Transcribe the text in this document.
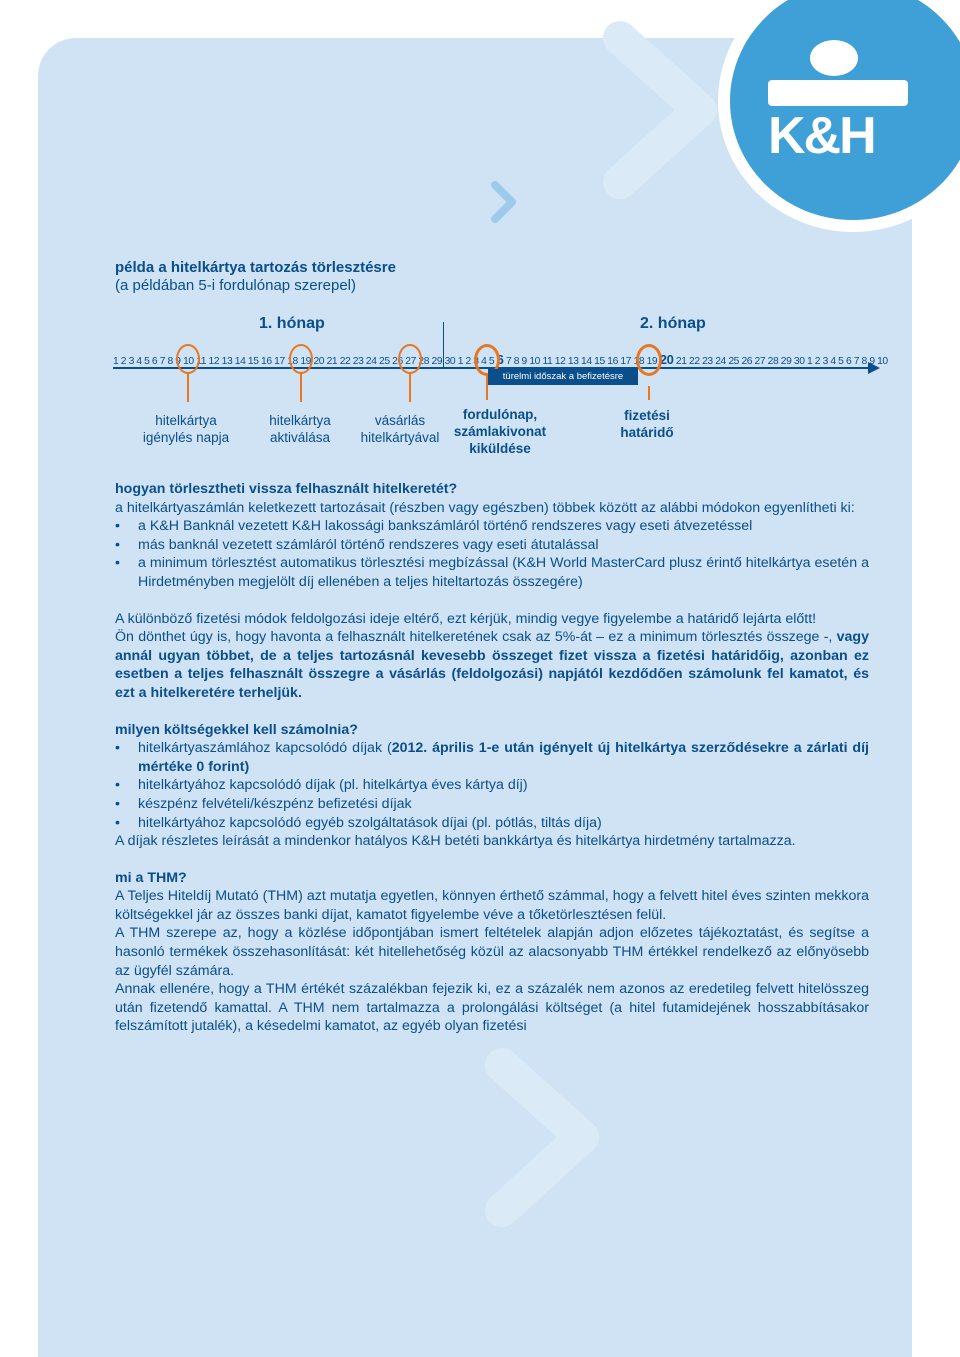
K&H
példa a hitelkártya tartozás törlesztésre
(a példában 5-i fordulónap szerepel)
1. hónap	2. hónap
1 2 3 4 5 6 7 8 9 10 11 12 13 14 15 16 17 18 19 20 21 22 23 24 25 26 27 28 29 30 1 2 3 4 5 6 7 8 9 10 11 12 13 14 15 16 17 18 19 20 21 22 23 24 25 26 27 28 29 30 1 2 3 4 5 6 7 8 9 10
türelmi időszak a befizetésre
hitelkártya
igénylés napja
hitelkártya
aktiválása
vásárlás
hitelkártyával
fordulónap,
számlakivonat
kiküldése
fizetési
határidő

hogyan törlesztheti vissza felhasznált hitelkeretét?

a hitelkártyaszámlán keletkezett tartozásait (részben vagy egészben) többek között az alábbi módokon egyenlítheti ki:

• a K&H Banknál vezetett K&H lakossági bankszámláról történő rendszeres vagy eseti átvezetéssel
• más banknál vezetett számláról történő rendszeres vagy eseti átutalással
• a minimum törlesztést automatikus törlesztési megbízással (K&H World MasterCard plusz érintő hitelkártya esetén a Hirdetményben megjelölt díj ellenében a teljes hiteltartozás összegére)

A különböző fizetési módok feldolgozási ideje eltérő, ezt kérjük, mindig vegye figyelembe a határidő lejárta előtt!

Ön dönthet úgy is, hogy havonta a felhasznált hitelkeretének csak az 5%-át – ez a minimum törlesztés összege -, vagy annál ugyan többet, de a teljes tartozásnál kevesebb összeget fizet vissza a fizetési határidőig, azonban ez esetben a teljes felhasznált összegre a vásárlás (feldolgozási) napjától kezdődően számolunk fel kamatot, és ezt a hitelkeretére terheljük.

milyen költségekkel kell számolnia?

• hitelkártyaszámlához kapcsolódó díjak (2012. április 1-e után igényelt új hitelkártya szerződésekre a zárlati díj mértéke 0 forint)
• hitelkártyához kapcsolódó díjak (pl. hitelkártya éves kártya díj)
• készpénz felvételi/készpénz befizetési díjak
• hitelkártyához kapcsolódó egyéb szolgáltatások díjai (pl. pótlás, tiltás díja)

A díjak részletes leírását a mindenkor hatályos K&H betéti bankkártya és hitelkártya hirdetmény tartalmazza.

mi a THM?

A Teljes Hiteldíj Mutató (THM) azt mutatja egyetlen, könnyen érthető számmal, hogy a felvett hitel éves szinten mekkora költségekkel jár az összes banki díjat, kamatot figyelembe véve a tőketörlesztésen felül.

A THM szerepe az, hogy a közlése időpontjában ismert feltételek alapján adjon előzetes tájékoztatást, és segítse a hasonló termékek összehasonlítását: két hitellehetőség közül az alacsonyabb THM értékkel rendelkező az előnyösebb az ügyfél számára.

Annak ellenére, hogy a THM értékét százalékban fejezik ki, ez a százalék nem azonos az eredetileg felvett hitelösszeg után fizetendő kamattal. A THM nem tartalmazza a prolongálási költséget (a hitel futamidejének hosszabbításakor felszámított jutalék), a késedelmi kamatot, az egyéb olyan fizetési
